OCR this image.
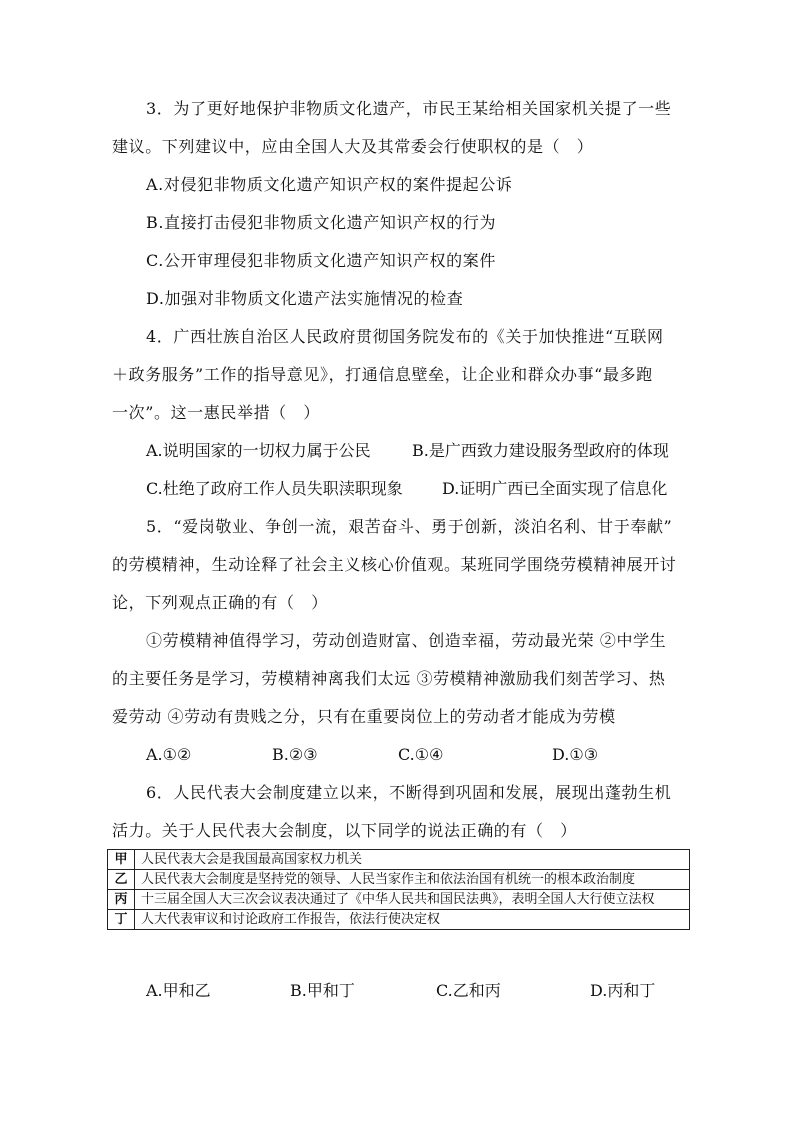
3．为了更好地保护非物质文化遗产，市民王某给相关国家机关提了一些
建议。下列建议中，应由全国人大及其常委会行使职权的是（　）
A.对侵犯非物质文化遗产知识产权的案件提起公诉
B.直接打击侵犯非物质文化遗产知识产权的行为
C.公开审理侵犯非物质文化遗产知识产权的案件
D.加强对非物质文化遗产法实施情况的检查
4．广西壮族自治区人民政府贯彻国务院发布的《关于加快推进“互联网
＋政务服务”工作的指导意见》，打通信息壁垒，让企业和群众办事“最多跑
一次”。这一惠民举措（　）
A.说明国家的一切权力属于公民	B.是广西致力建设服务型政府的体现
C.杜绝了政府工作人员失职渎职现象 D.证明广西已全面实现了信息化
5．“爱岗敬业、争创一流，艰苦奋斗、勇于创新，淡泊名利、甘于奉献”
的劳模精神，生动诠释了社会主义核心价值观。某班同学围绕劳模精神展开讨
论，下列观点正确的有（　）
①劳模精神值得学习，劳动创造财富、创造幸福，劳动最光荣 ②中学生
的主要任务是学习，劳模精神离我们太远 ③劳模精神激励我们刻苦学习、热
爱劳动 ④劳动有贵贱之分，只有在重要岗位上的劳动者才能成为劳模
A.①②	B.②③	C.①④	D.①③
6．人民代表大会制度建立以来，不断得到巩固和发展，展现出蓬勃生机
活力。关于人民代表大会制度，以下同学的说法正确的有（　）
甲	人民代表大会是我国最高国家权力机关
乙	人民代表大会制度是坚持党的领导、人民当家作主和依法治国有机统一的根本政治制度
丙	十三届全国人大三次会议表决通过了《中华人民共和国民法典》，表明全国人大行使立法权
丁	人大代表审议和讨论政府工作报告，依法行使决定权
A.甲和乙	B.甲和丁	C.乙和丙	D.丙和丁
